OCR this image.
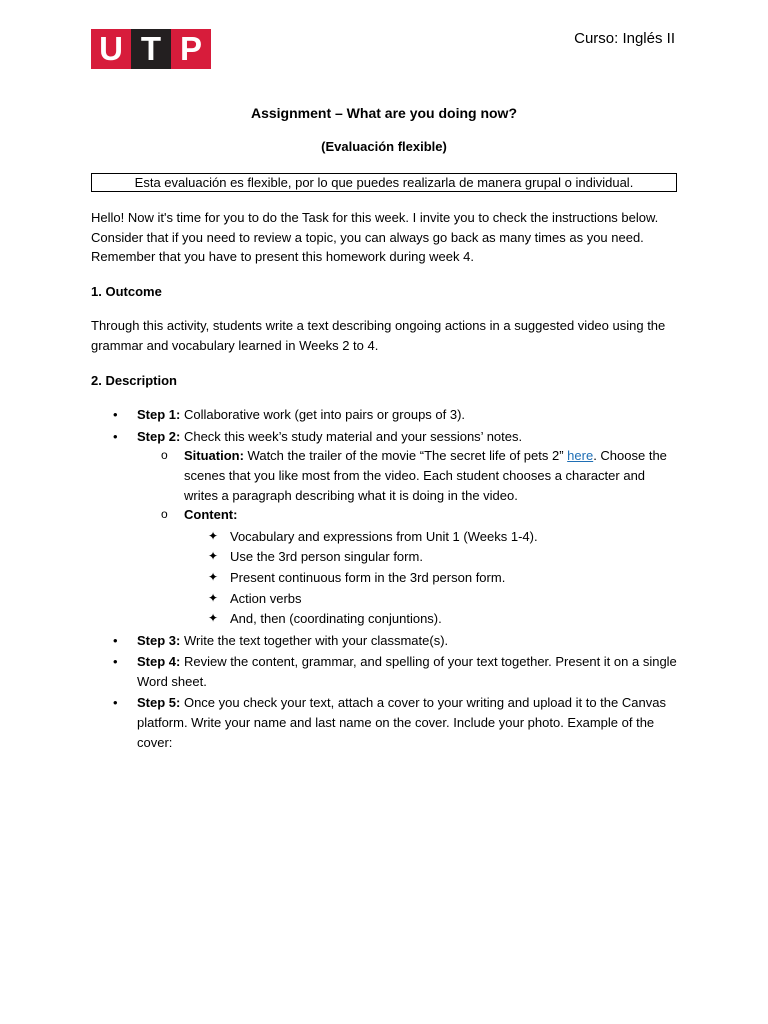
U T P	Curso: Inglés II
Assignment – What are you doing now?
(Evaluación flexible)
Esta evaluación es flexible, por lo que puedes realizarla de manera grupal o individual.

Hello! Now it's time for you to do the Task for this week. I invite you to check the instructions below. Consider that if you need to review a topic, you can always go back as many times as you need. Remember that you have to present this homework during week 4.

1. Outcome

Through this activity, students write a text describing ongoing actions in a suggested video using the grammar and vocabulary learned in Weeks 2 to 4.

2. Description

• Step 1: Collaborative work (get into pairs or groups of 3).
• Step 2: Check this week’s study material and your sessions’ notes.
o Situation: Watch the trailer of the movie “The secret life of pets 2” here. Choose the scenes that you like most from the video. Each student chooses a character and writes a paragraph describing what it is doing in the video.
o Content:
✦ Vocabulary and expressions from Unit 1 (Weeks 1-4).
✦ Use the 3rd person singular form.
✦ Present continuous form in the 3rd person form.
✦ Action verbs
✦ And, then (coordinating conjuntions).
• Step 3: Write the text together with your classmate(s).
• Step 4: Review the content, grammar, and spelling of your text together. Present it on a single Word sheet.
• Step 5: Once you check your text, attach a cover to your writing and upload it to the Canvas platform. Write your name and last name on the cover. Include your photo. Example of the cover:
